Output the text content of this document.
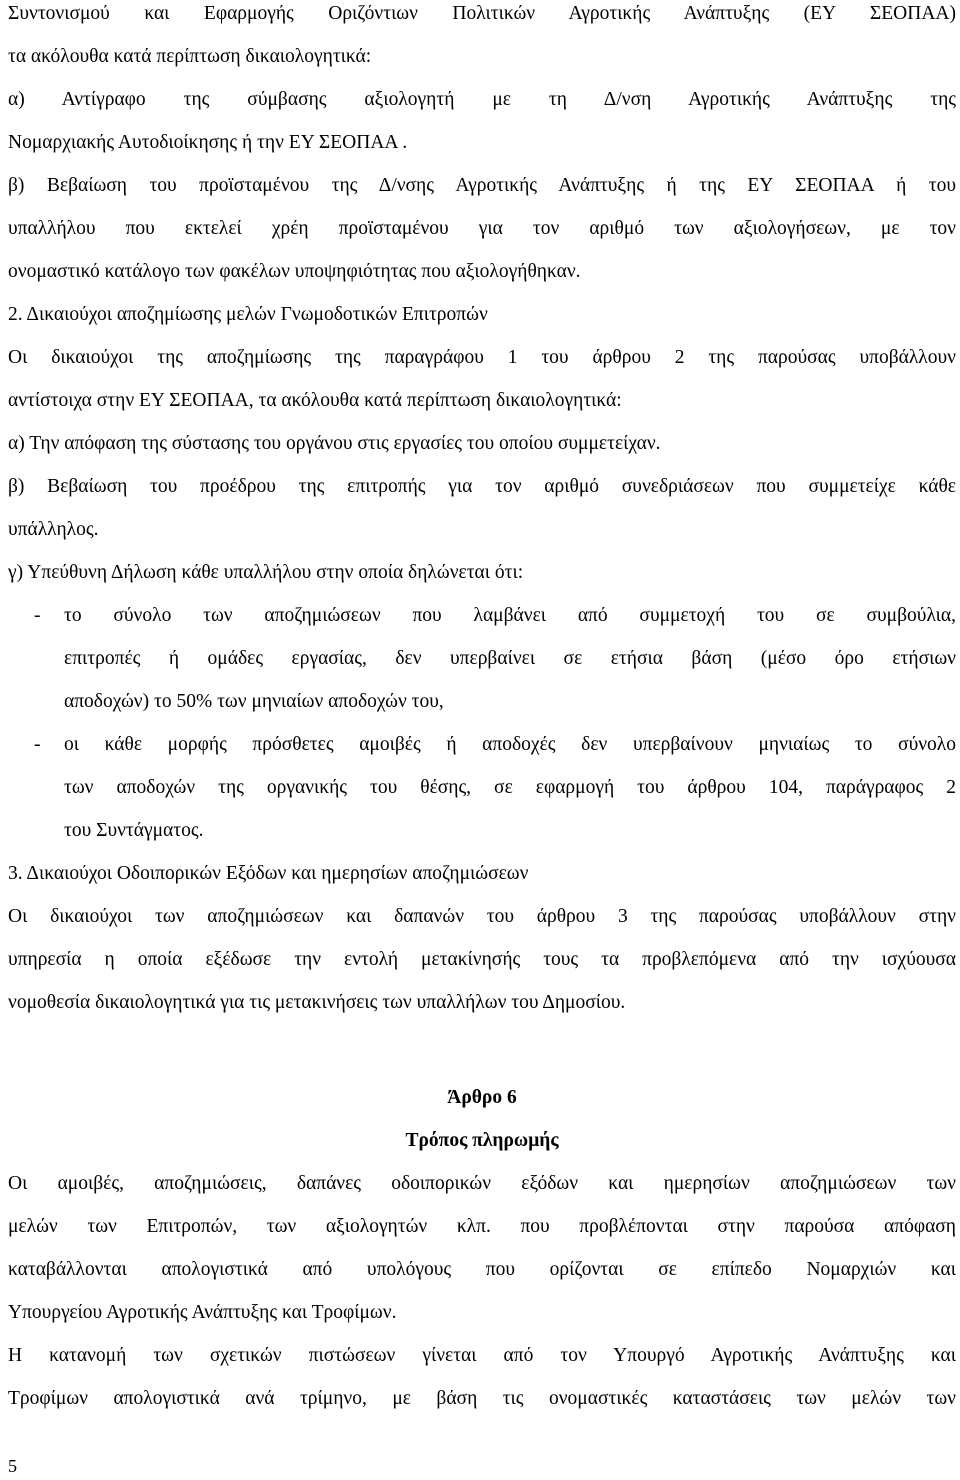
Συντονισμού και Εφαρμογής Οριζόντιων Πολιτικών Αγροτικής Ανάπτυξης (ΕΥ ΣΕΟΠΑΑ)
τα ακόλουθα κατά περίπτωση δικαιολογητικά:
α) Αντίγραφο της σύμβασης αξιολογητή με τη Δ/νση Αγροτικής Ανάπτυξης της
Νομαρχιακής Αυτοδιοίκησης ή την ΕΥ ΣΕΟΠΑΑ .
β) Βεβαίωση του προϊσταμένου της Δ/νσης Αγροτικής Ανάπτυξης ή της ΕΥ ΣΕΟΠΑΑ ή του
υπαλλήλου που εκτελεί χρέη προϊσταμένου για τον αριθμό των αξιολογήσεων, με τον
ονομαστικό κατάλογο των φακέλων υποψηφιότητας που αξιολογήθηκαν.
2. Δικαιούχοι αποζημίωσης μελών Γνωμοδοτικών Επιτροπών
Οι δικαιούχοι της αποζημίωσης της παραγράφου 1 του άρθρου 2 της παρούσας υποβάλλουν
αντίστοιχα στην ΕΥ ΣΕΟΠΑΑ, τα ακόλουθα κατά περίπτωση δικαιολογητικά:
α) Την απόφαση της σύστασης του οργάνου στις εργασίες του οποίου συμμετείχαν.
β) Βεβαίωση του προέδρου της επιτροπής για τον αριθμό συνεδριάσεων που συμμετείχε κάθε
υπάλληλος.
γ) Υπεύθυνη Δήλωση κάθε υπαλλήλου στην οποία δηλώνεται ότι:
- το σύνολο των αποζημιώσεων που λαμβάνει από συμμετοχή του σε συμβούλια,
επιτροπές ή ομάδες εργασίας, δεν υπερβαίνει σε ετήσια βάση (μέσο όρο ετήσιων
αποδοχών) το 50% των μηνιαίων αποδοχών του,
- οι κάθε μορφής πρόσθετες αμοιβές ή αποδοχές δεν υπερβαίνουν μηνιαίως το σύνολο
των αποδοχών της οργανικής του θέσης, σε εφαρμογή του άρθρου 104, παράγραφος 2
του Συντάγματος.
3. Δικαιούχοι Οδοιπορικών Εξόδων και ημερησίων αποζημιώσεων
Οι δικαιούχοι των αποζημιώσεων και δαπανών του άρθρου 3 της παρούσας υποβάλλουν στην
υπηρεσία η οποία εξέδωσε την εντολή μετακίνησής τους τα προβλεπόμενα από την ισχύουσα
νομοθεσία δικαιολογητικά για τις μετακινήσεις των υπαλλήλων του Δημοσίου.
Άρθρο 6
Τρόπος πληρωμής
Οι αμοιβές, αποζημιώσεις, δαπάνες οδοιπορικών εξόδων και ημερησίων αποζημιώσεων των
μελών των Επιτροπών, των αξιολογητών κλπ. που προβλέπονται στην παρούσα απόφαση
καταβάλλονται απολογιστικά από υπολόγους που ορίζονται σε επίπεδο Νομαρχιών και
Υπουργείου Αγροτικής Ανάπτυξης και Τροφίμων.
Η κατανομή των σχετικών πιστώσεων γίνεται από τον Υπουργό Αγροτικής Ανάπτυξης και
Τροφίμων απολογιστικά ανά τρίμηνο, με βάση τις ονομαστικές καταστάσεις των μελών των
5
